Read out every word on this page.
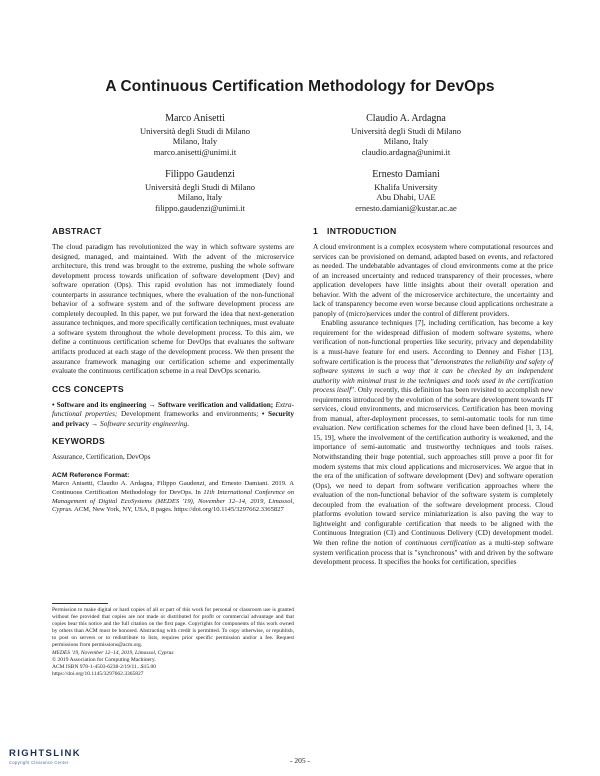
A Continuous Certification Methodology for DevOps
Marco Anisetti
Università degli Studi di Milano
Milano, Italy
marco.anisetti@unimi.it
Claudio A. Ardagna
Università degli Studi di Milano
Milano, Italy
claudio.ardagna@unimi.it
Filippo Gaudenzi
Università degli Studi di Milano
Milano, Italy
filippo.gaudenzi@unimi.it
Ernesto Damiani
Khalifa University
Abu Dhabi, UAE
ernesto.damiani@kustar.ac.ae
ABSTRACT

The cloud paradigm has revolutionized the way in which software systems are designed, managed, and maintained. With the advent of the microservice architecture, this trend was brought to the extreme, pushing the whole software development process towards unification of software development (Dev) and software operation (Ops). This rapid evolution has not immediately found counterparts in assurance techniques, where the evaluation of the non-functional behavior of a software system and of the software development process are completely decoupled. In this paper, we put forward the idea that next-generation assurance techniques, and more specifically certification techniques, must evaluate a software system throughout the whole development process. To this aim, we define a continuous certification scheme for DevOps that evaluates the software artifacts produced at each stage of the development process. We then present the assurance framework managing our certification scheme and experimentally evaluate the continuous certification scheme in a real DevOps scenario.

CCS CONCEPTS

• Software and its engineering → Software verification and validation; Extra-functional properties; Development frameworks and environments; • Security and privacy → Software security engineering.

KEYWORDS

Assurance, Certification, DevOps

ACM Reference Format:

Marco Anisetti, Claudio A. Ardagna, Filippo Gaudenzi, and Ernesto Damiani. 2019. A Continuous Certification Methodology for DevOps. In 11th International Conference on Management of Digital EcoSystems (MEDES '19), November 12–14, 2019, Limassol, Cyprus. ACM, New York, NY, USA, 8 pages. https://doi.org/10.1145/3297662.3365827

Permission to make digital or hard copies of all or part of this work for personal or classroom use is granted without fee provided that copies are not made or distributed for profit or commercial advantage and that copies bear this notice and the full citation on the first page. Copyrights for components of this work owned by others than ACM must be honored. Abstracting with credit is permitted. To copy otherwise, or republish, to post on servers or to redistribute to lists, requires prior specific permission and/or a fee. Request permissions from permissions@acm.org.

MEDES '19, November 12–14, 2019, Limassol, Cyprus
© 2019 Association for Computing Machinery.
ACM ISBN 978-1-4503-6238-2/19/11...$15.00
https://doi.org/10.1145/3297662.3365827
1 INTRODUCTION

A cloud environment is a complex ecosystem where computational resources and services can be provisioned on demand, adapted based on events, and refactored as needed. The undebatable advantages of cloud environments come at the price of an increased uncertainty and reduced transparency of their processes, where application developers have little insights about their overall operation and behavior. With the advent of the microservice architecture, the uncertainty and lack of transparency become even worse because cloud applications orchestrate a panoply of (micro)services under the control of different providers.

Enabling assurance techniques [7], including certification, has become a key requirement for the widespread diffusion of modern software systems, where verification of non-functional properties like security, privacy and dependability is a must-have feature for end users. According to Denney and Fisher [13], software certification is the process that "demonstrates the reliability and safety of software systems in such a way that it can be checked by an independent authority with minimal trust in the techniques and tools used in the certification process itself". Only recently, this definition has been revisited to accomplish new requirements introduced by the evolution of the software development towards IT services, cloud environments, and microservices. Certification has been moving from manual, after-deployment processes, to semi-automatic tools for run time evaluation. New certification schemes for the cloud have been defined [1, 3, 14, 15, 19], where the involvement of the certification authority is weakened, and the importance of semi-automatic and trustworthy techniques and tools raises. Notwithstanding their huge potential, such approaches still prove a poor fit for modern systems that mix cloud applications and microservices. We argue that in the era of the unification of software development (Dev) and software operation (Ops), we need to depart from software verification approaches where the evaluation of the non-functional behavior of the software system is completely decoupled from the evaluation of the software development process. Cloud platforms evolution toward service miniaturization is also paving the way to lightweight and configurable certification that needs to be aligned with the Continuous Integration (CI) and Continuous Delivery (CD) development model. We then refine the notion of continuous certification as a multi-step software system verification process that is "synchronous" with and driven by the software development process. It specifies the hooks for certification, specifies

RIGHTSLINK
Copyright Clearance Center	- 205 -
